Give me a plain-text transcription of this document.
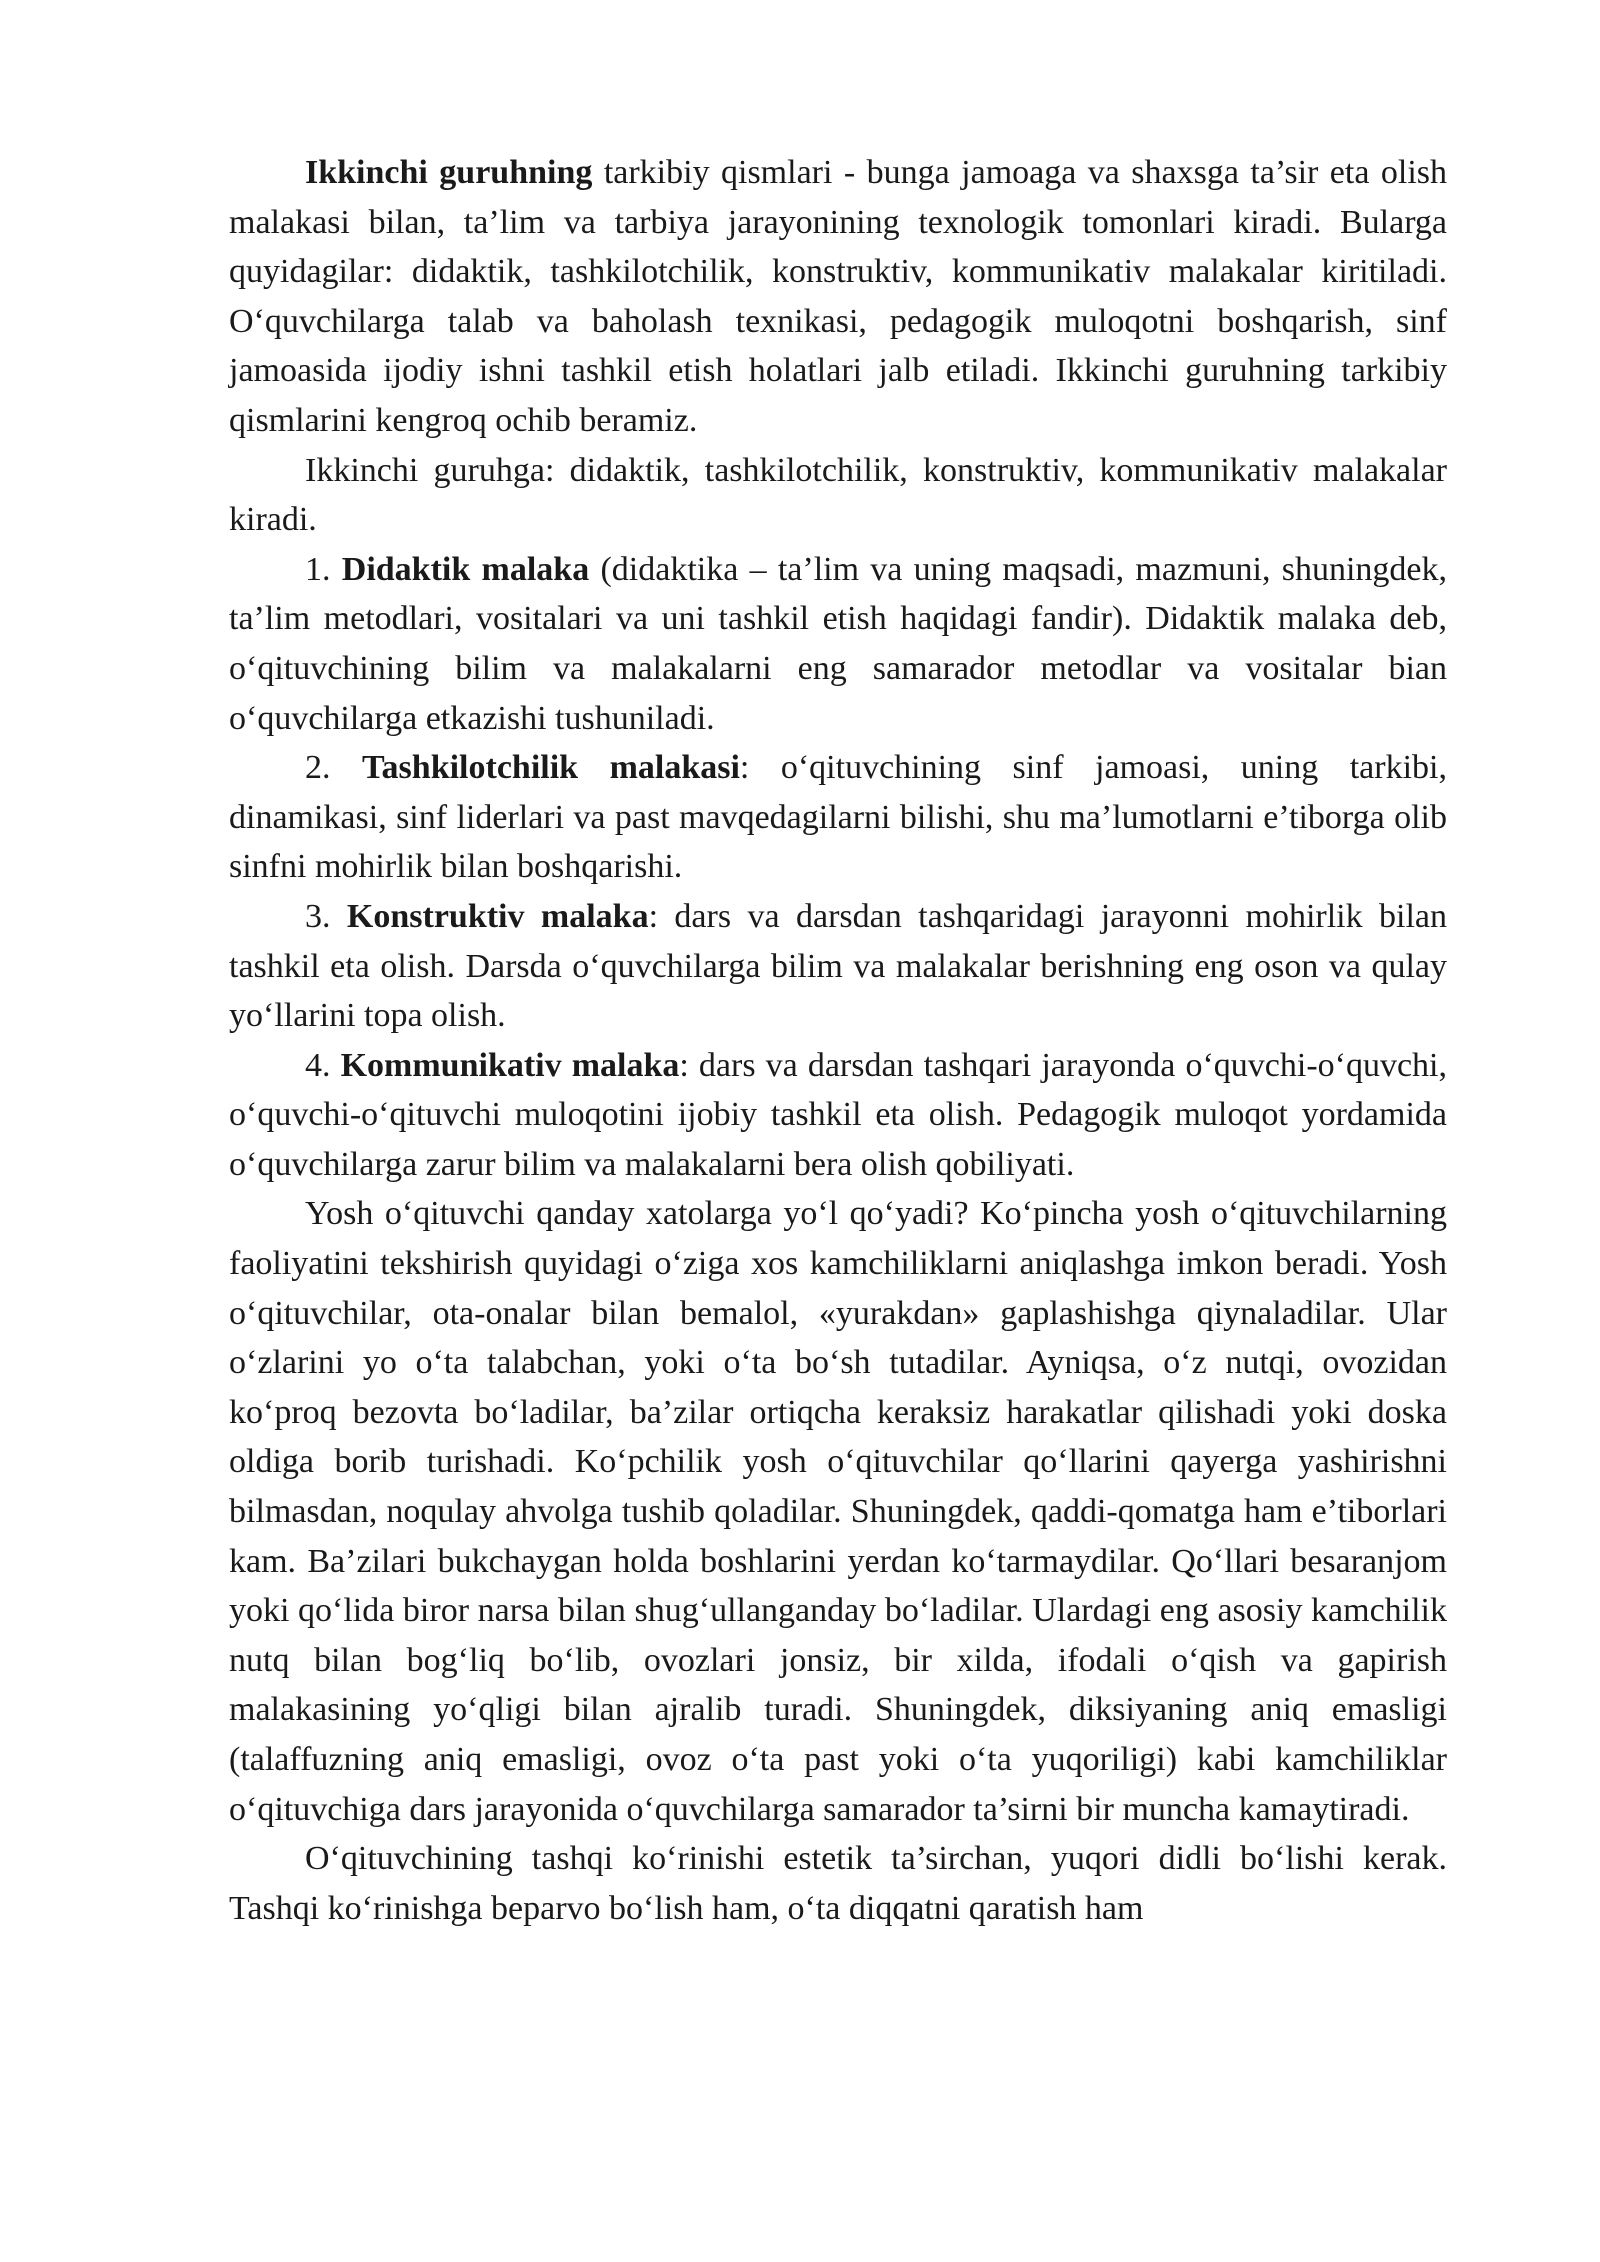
Ikkinchi guruhning tarkibiy qismlari - bunga jamoaga va shaxsga ta’sir eta olish malakasi bilan, ta’lim va tarbiya jarayonining texnologik tomonlari kiradi. Bularga quyidagilar: didaktik, tashkilotchilik, konstruktiv, kommunikativ malakalar kiritiladi. O‘quvchilarga talab va baholash texnikasi, pedagogik muloqotni boshqarish, sinf jamoasida ijodiy ishni tashkil etish holatlari jalb etiladi. Ikkinchi guruhning tarkibiy qismlarini kengroq ochib beramiz.

Ikkinchi guruhga: didaktik, tashkilotchilik, konstruktiv, kommunikativ malakalar kiradi.

1. Didaktik malaka (didaktika – ta’lim va uning maqsadi, mazmuni, shuningdek, ta’lim metodlari, vositalari va uni tashkil etish haqidagi fandir). Didaktik malaka deb, o‘qituvchining bilim va malakalarni eng samarador metodlar va vositalar bian o‘quvchilarga etkazishi tushuniladi.

2. Tashkilotchilik malakasi: o‘qituvchining sinf jamoasi, uning tarkibi, dinamikasi, sinf liderlari va past mavqedagilarni bilishi, shu ma’lumotlarni e’tiborga olib sinfni mohirlik bilan boshqarishi.

3. Konstruktiv malaka: dars va darsdan tashqaridagi jarayonni mohirlik bilan tashkil eta olish. Darsda o‘quvchilarga bilim va malakalar berishning eng oson va qulay yo‘llarini topa olish.

4. Kommunikativ malaka: dars va darsdan tashqari jarayonda o‘quvchi-o‘quvchi, o‘quvchi-o‘qituvchi muloqotini ijobiy tashkil eta olish. Pedagogik muloqot yordamida o‘quvchilarga zarur bilim va malakalarni bera olish qobiliyati.

Yosh o‘qituvchi qanday xatolarga yo‘l qo‘yadi? Ko‘pincha yosh o‘qituvchilarning faoliyatini tekshirish quyidagi o‘ziga xos kamchiliklarni aniqlashga imkon beradi. Yosh o‘qituvchilar, ota-onalar bilan bemalol, «yurakdan» gaplashishga qiynaladilar. Ular o‘zlarini yo o‘ta talabchan, yoki o‘ta bo‘sh tutadilar. Ayniqsa, o‘z nutqi, ovozidan ko‘proq bezovta bo‘ladilar, ba’zilar ortiqcha keraksiz harakatlar qilishadi yoki doska oldiga borib turishadi. Ko‘pchilik yosh o‘qituvchilar qo‘llarini qayerga yashirishni bilmasdan, noqulay ahvolga tushib qoladilar. Shuningdek, qaddi-qomatga ham e’tiborlari kam. Ba’zilari bukchaygan holda boshlarini yerdan ko‘tarmaydilar. Qo‘llari besaranjom yoki qo‘lida biror narsa bilan shug‘ullanganday bo‘ladilar. Ulardagi eng asosiy kamchilik nutq bilan bog‘liq bo‘lib, ovozlari jonsiz, bir xilda, ifodali o‘qish va gapirish malakasining yo‘qligi bilan ajralib turadi. Shuningdek, diksiyaning aniq emasligi (talaffuzning aniq emasligi, ovoz o‘ta past yoki o‘ta yuqoriligi) kabi kamchiliklar o‘qituvchiga dars jarayonida o‘quvchilarga samarador ta’sirni bir muncha kamaytiradi.

O‘qituvchining tashqi ko‘rinishi estetik ta’sirchan, yuqori didli bo‘lishi kerak. Tashqi ko‘rinishga beparvo bo‘lish ham, o‘ta diqqatni qaratish ham
